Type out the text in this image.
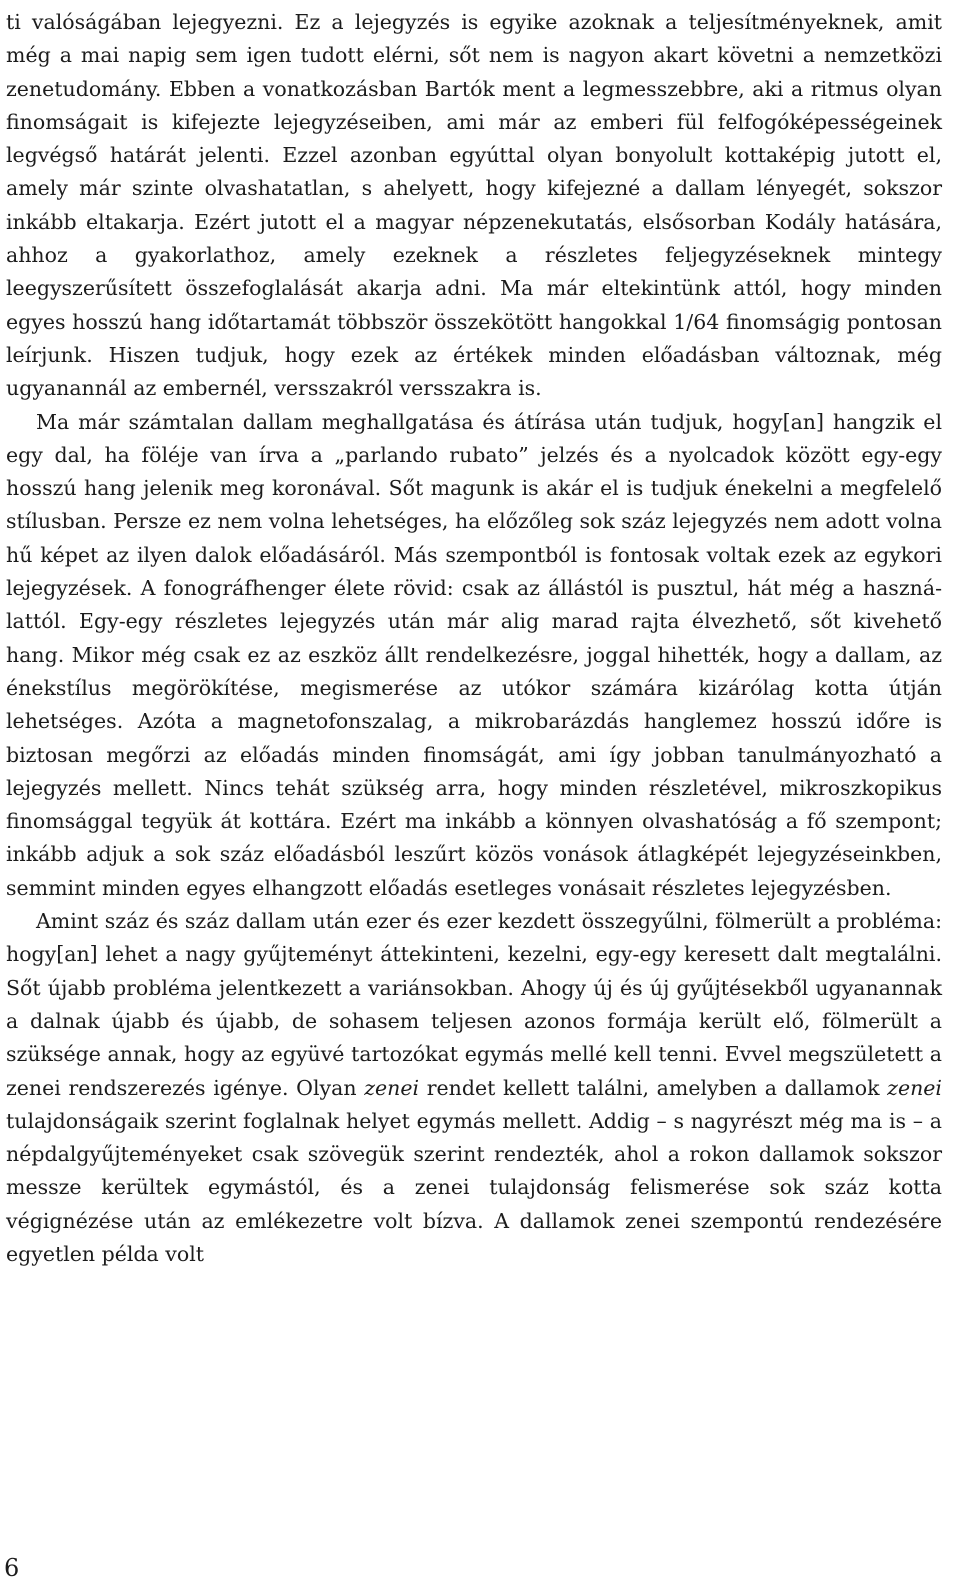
ti valóságában lejegyezni. Ez a lejegyzés is egyike azoknak a teljesítményeknek, amit még a mai napig sem igen tudott elérni, sőt nem is nagyon akart követni a nemzetközi zenetudomány. Ebben a vonatkozásban Bartók ment a legmesszebbre, aki a ritmus olyan finomságait is kifejezte lejegyzéseiben, ami már az emberi fül felfogóképességeinek legvégső határát jelenti. Ezzel azonban egyúttal olyan bonyolult kottaképig jutott el, amely már szinte olvashatatlan, s ahelyett, hogy kifejezné a dallam lényegét, sokszor inkább eltakarja. Ezért jutott el a magyar népzenekutatás, elsősorban Kodály hatására, ahhoz a gyakorlathoz, amely ezeknek a részletes feljegyzéseknek mintegy leegyszerűsített összefoglalását akarja adni. Ma már eltekintünk attól, hogy minden egyes hosszú hang időtartamát többször összekötött hangokkal 1/64 finomságig pontosan leírjunk. Hiszen tudjuk, hogy ezek az értékek minden előadásban változnak, még ugyanannál az embernél, versszakról versszakra is.

Ma már számtalan dallam meghallgatása és átírása után tudjuk, hogy[an] hangzik el egy dal, ha föléje van írva a „parlando rubato” jelzés és a nyolcadok között egy-egy hosszú hang jelenik meg koronával. Sőt magunk is akár el is tudjuk énekelni a megfelelő stílusban. Persze ez nem volna lehetséges, ha előzőleg sok száz lejegyzés nem adott volna hű képet az ilyen dalok előadásáról. Más szempontból is fontosak voltak ezek az egykori lejegyzések. A fonográfhenger élete rövid: csak az állástól is pusztul, hát még a használattól. Egy-egy részletes lejegyzés után már alig marad rajta élvezhető, sőt kivehető hang. Mikor még csak ez az eszköz állt rendelkezésre, joggal hihették, hogy a dallam, az énekstílus megörökítése, megismerése az utókor számára kizárólag kotta útján lehetséges. Azóta a magnetofonszalag, a mikrobarázdás hanglemez hosszú időre is biztosan megőrzi az előadás minden finomságát, ami így jobban tanulmányozható a lejegyzés mellett. Nincs tehát szükség arra, hogy minden részletével, mikroszkopikus finomsággal tegyük át kottára. Ezért ma inkább a könnyen olvashatóság a fő szempont; inkább adjuk a sok száz előadásból leszűrt közös vonások átlagképét lejegyzéseinkben, semmint minden egyes elhangzott előadás esetleges vonásait részletes lejegyzésben.

Amint száz és száz dallam után ezer és ezer kezdett összegyűlni, fölmerült a probléma: hogy[an] lehet a nagy gyűjteményt áttekinteni, kezelni, egy-egy keresett dalt megtalálni. Sőt újabb probléma jelentkezett a variánsokban. Ahogy új és új gyűjtésekből ugyanannak a dalnak újabb és újabb, de sohasem teljesen azonos formája került elő, fölmerült a szüksége annak, hogy az együvé tartozókat egymás mellé kell tenni. Evvel megszületett a zenei rendszerezés igénye. Olyan zenei rendet kellett találni, amelyben a dallamok zenei tulajdonságaik szerint foglalnak helyet egymás mellett. Addig – s nagyrészt még ma is – a népdalgyűjteményeket csak szövegük szerint rendezték, ahol a rokon dallamok sokszor messze kerültek egymástól, és a zenei tulajdonság felismerése sok száz kotta végignézése után az emlékezetre volt bízva. A dallamok zenei szempontú rendezésére egyetlen példa volt

6
